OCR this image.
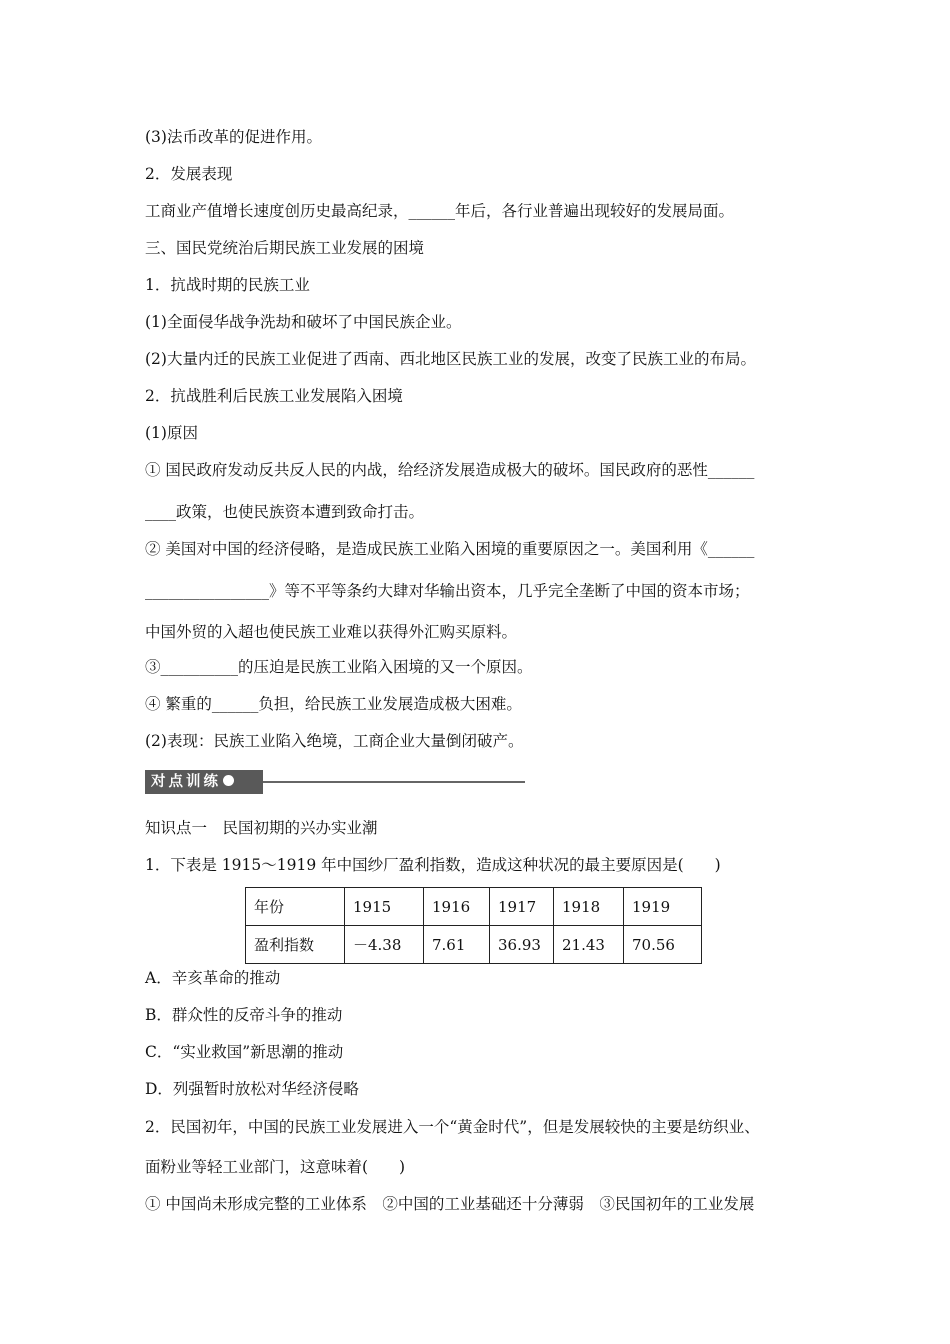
(3)法币改革的促进作用。
2．发展表现
工商业产值增长速度创历史最高纪录，______年后，各行业普遍出现较好的发展局面。
三、国民党统治后期民族工业发展的困境
1．抗战时期的民族工业
(1)全面侵华战争洗劫和破坏了中国民族企业。
(2)大量内迁的民族工业促进了西南、西北地区民族工业的发展，改变了民族工业的布局。
2．抗战胜利后民族工业发展陷入困境
(1)原因
① 国民政府发动反共反人民的内战，给经济发展造成极大的破坏。国民政府的恶性______
____政策，也使民族资本遭到致命打击。
② 美国对中国的经济侵略，是造成民族工业陷入困境的重要原因之一。美国利用《______
________________》等不平等条约大肆对华输出资本，几乎完全垄断了中国的资本市场；
中国外贸的入超也使民族工业难以获得外汇购买原料。
③__________的压迫是民族工业陷入困境的又一个原因。
④ 繁重的______负担，给民族工业发展造成极大困难。
(2)表现：民族工业陷入绝境，工商企业大量倒闭破产。
对点训练
知识点一　民国初期的兴办实业潮
1．下表是 1915～1919 年中国纱厂盈利指数，造成这种状况的最主要原因是(　　)
年份	1915	1916	1917	1918	1919
盈利指数	－4.38	7.61	36.93	21.43	70.56
A．辛亥革命的推动
B．群众性的反帝斗争的推动
C．“实业救国”新思潮的推动
D．列强暂时放松对华经济侵略
2．民国初年，中国的民族工业发展进入一个“黄金时代”，但是发展较快的主要是纺织业、
面粉业等轻工业部门，这意味着(　　)
① 中国尚未形成完整的工业体系　②中国的工业基础还十分薄弱　③民国初年的工业发展
